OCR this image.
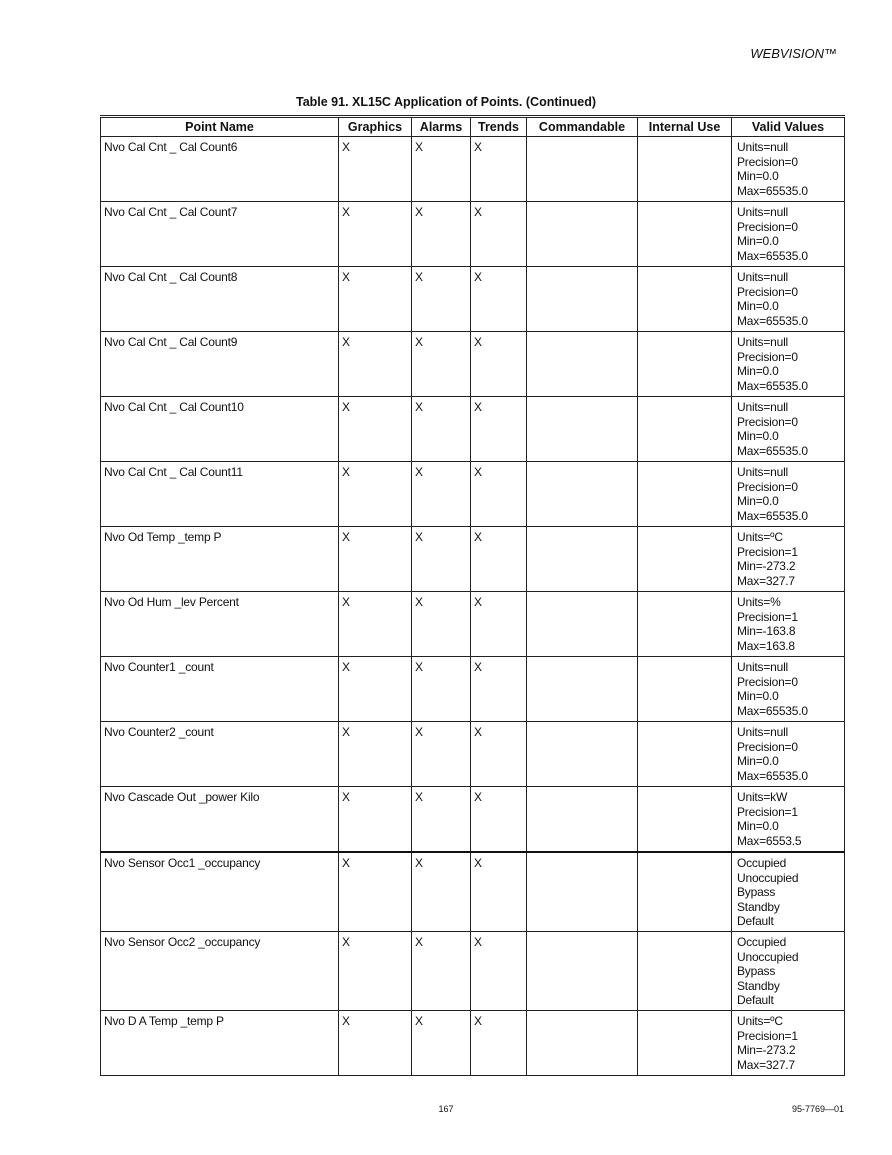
WEBVISION™
Table 91. XL15C Application of Points. (Continued)
Point Name	Graphics	Alarms	Trends	Commandable	Internal Use	Valid Values
Nvo Cal Cnt _ Cal Count6	X	X	X			Units=null
Precision=0
Min=0.0
Max=65535.0
Nvo Cal Cnt _ Cal Count7	X	X	X			Units=null
Precision=0
Min=0.0
Max=65535.0
Nvo Cal Cnt _ Cal Count8	X	X	X			Units=null
Precision=0
Min=0.0
Max=65535.0
Nvo Cal Cnt _ Cal Count9	X	X	X			Units=null
Precision=0
Min=0.0
Max=65535.0
Nvo Cal Cnt _ Cal Count10	X	X	X			Units=null
Precision=0
Min=0.0
Max=65535.0
Nvo Cal Cnt _ Cal Count11	X	X	X			Units=null
Precision=0
Min=0.0
Max=65535.0
Nvo Od Temp _temp P	X	X	X			Units=ºC
Precision=1
Min=-273.2
Max=327.7
Nvo Od Hum _lev Percent	X	X	X			Units=%
Precision=1
Min=-163.8
Max=163.8
Nvo Counter1 _count	X	X	X			Units=null
Precision=0
Min=0.0
Max=65535.0
Nvo Counter2 _count	X	X	X			Units=null
Precision=0
Min=0.0
Max=65535.0
Nvo Cascade Out _power Kilo	X	X	X			Units=kW
Precision=1
Min=0.0
Max=6553.5
Nvo Sensor Occ1 _occupancy	X	X	X			Occupied
Unoccupied
Bypass
Standby
Default
Nvo Sensor Occ2 _occupancy	X	X	X			Occupied
Unoccupied
Bypass
Standby
Default
Nvo D A Temp _temp P	X	X	X			Units=ºC
Precision=1
Min=-273.2
Max=327.7
167	95-7769—01
